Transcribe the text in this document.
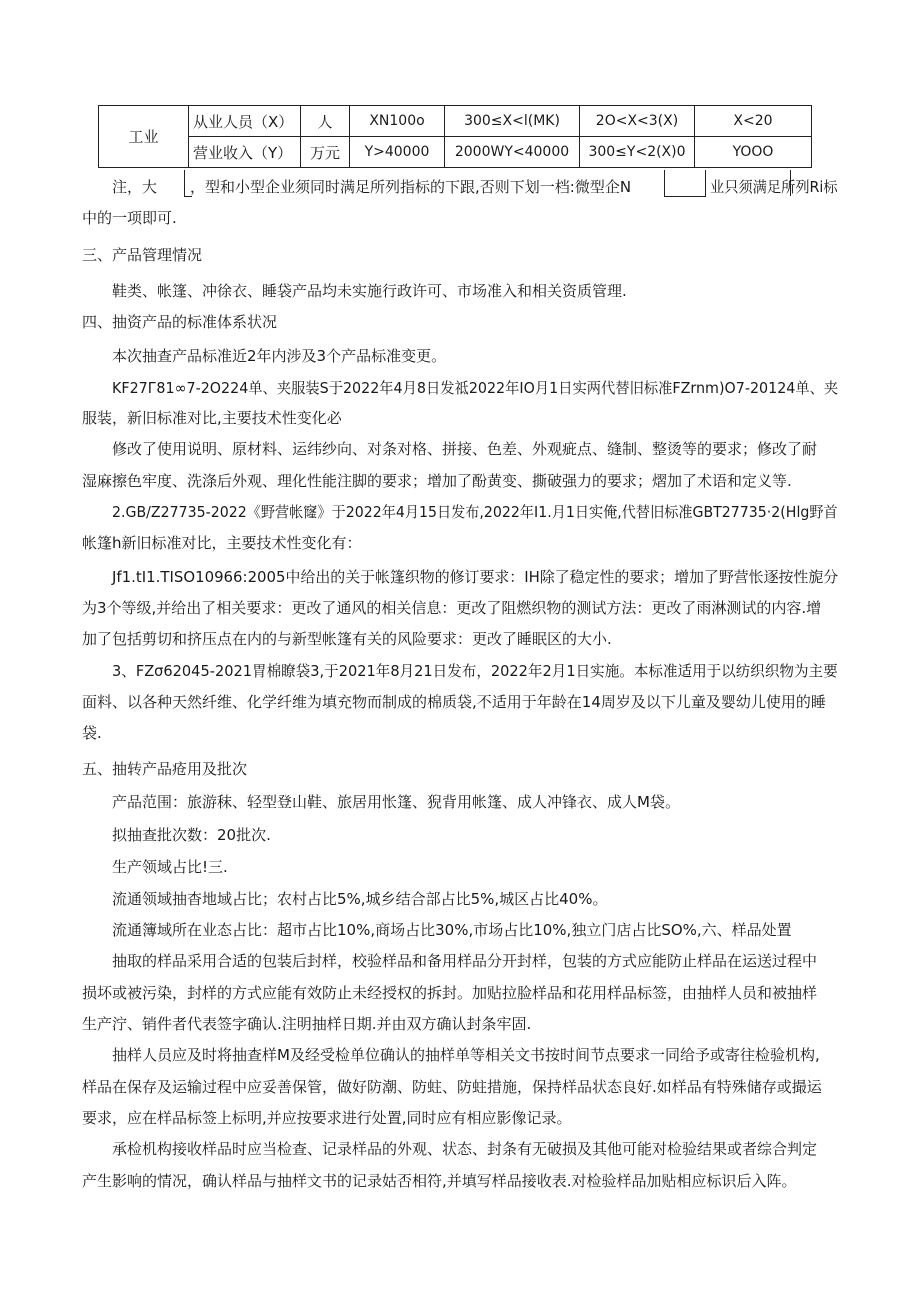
工业	从业人员（X）	人	XN100o	300≤X<l(MK)	2O<X<3(X)	X<20
	营业收入（Y）	万元	Y>40000	2000WY<40000	300≤Y<2(X)0	YOOO
注，大 ，型和小型企业须同时满足所列指标的下跟,否则下划一档:微型企N	业只须满足所列Ri标
中的一项即可.
三、产品管理情况
鞋类、帐篷、冲徐衣、睡袋产品均未实施行政许可、市场准入和相关资质管理.
四、抽资产品的标准体系状况
本次抽查产品标准近2年内涉及3个产品标准变更。
KF27Г81∞7-2O224单、夹服装S于2022年4月8日发祗2022年IO月1日实两代替旧标准FZrnm)O7-20124单、夹
服装，新旧标准对比,主要技术性变化必
修改了使用说明、原材料、运纬纱向、对条对格、拼接、色差、外观疵点、缝制、整烫等的要求；修改了耐
湿麻擦色牢度、洗涤后外观、理化性能注脚的要求；增加了酚黄变、撕破强力的要求；熠加了术语和定义等.
2.GB/Z27735-2022《野营帐窿》于2022年4月15日发布,2022年I1.月1日实俺,代替旧标准GBT27735·2(Hlg野首
帐篷h新旧标准对比，主要技术性变化有：
Jf1.tI1.TISO10966:2005中给出的关于帐篷织物的修订要求：IH除了稳定性的要求；增加了野营怅逐按性旎分
为3个等级,并给出了相关要求：更改了通风的相关信息：更改了阻燃织物的测试方法：更改了雨淋测试的内容.增
加了包括剪切和挤压点在内的与新型帐篷有关的风险要求：更改了睡眠区的大小.
3、FZσ62045-2021胃棉瞭袋3,于2021年8月21日发布，2022年2月1日实施。本标准适用于以纺织织物为主要
面料、以各种天然纤维、化学纤维为填充物而制成的棉质袋,不适用于年龄在14周岁及以下儿童及婴幼儿使用的睡
袋.
五、抽转产品疮用及批次
产品范围：旅游秣、轻型登山鞋、旅居用怅篷、猊背用帐篷、成人冲锋衣、成人M袋。
拟抽查批次数：20批次.
生产领域占比!三.
流通领域抽杳地域占比；农村占比5%,城乡结合部占比5%,城区占比40%。
流通簿域所在业态占比：超市占比10%,商场占比30%,市场占比10%,独立门店占比SO%,六、样品处置
抽取的样品采用合适的包装后封样，校验样品和备用样品分开封样，包装的方式应能防止样品在运送过程中
损坏或被污染，封样的方式应能有效防止未经授权的拆封。加贴拉脸样品和花用样品标签，由抽样人员和被抽样
生产泞、销件者代表签字确认.注明抽样日期.并由双方确认封条牢固.
抽样人员应及时将抽查样M及经受检单位确认的抽样单等相关文书按时间节点要求一同给予或寄往检验机构,
样品在保存及运输过程中应妥善保管，做好防潮、防蛀、防蛀措施，保持样品状态良好.如样品有特殊储存或撮运
要求，应在样品标签上标明,并应按要求进行处置,同时应有相应影像记录。
承检机构接收样品时应当检查、记录样品的外观、状态、封条有无破损及其他可能对检验结果或者综合判定
产生影响的情况，确认样品与抽样文书的记录姑否相符,并填写样品接收表.对检验样品加贴相应标识后入阵。
